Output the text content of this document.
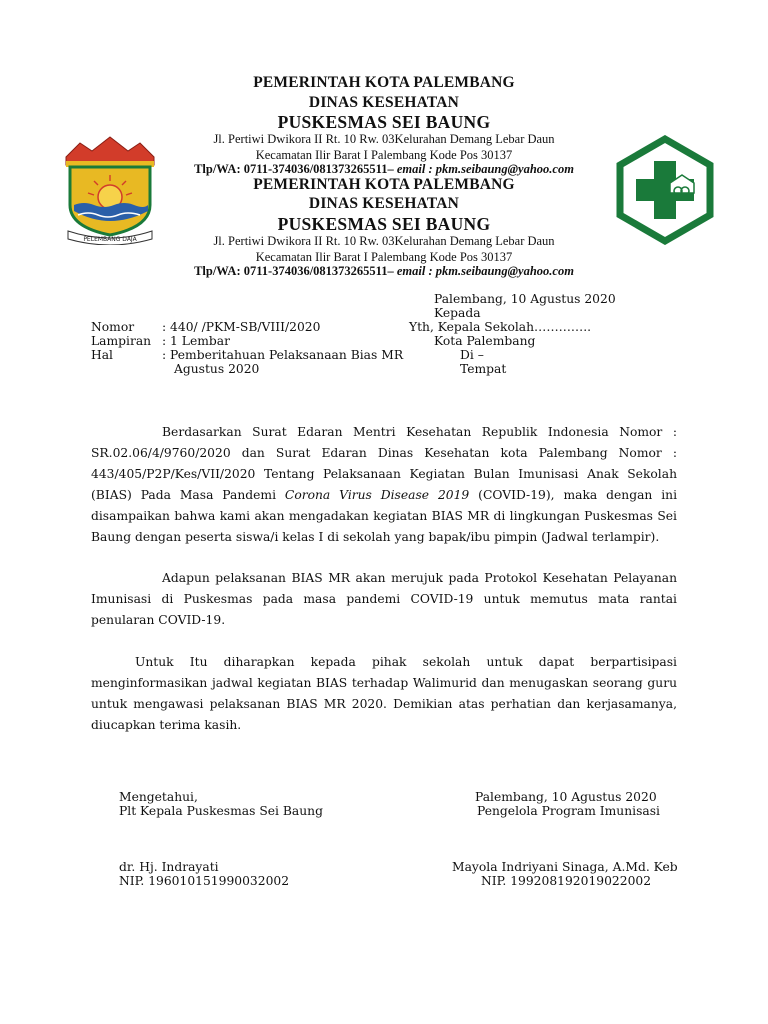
PELEMBANG DAJA
PEMERINTAH KOTA PALEMBANG
DINAS KESEHATAN
PUSKESMAS SEI BAUNG
Jl. Pertiwi Dwikora II Rt. 10 Rw. 03Kelurahan Demang Lebar Daun
Kecamatan Ilir Barat I Palembang Kode Pos 30137
Tlp/WA: 0711-374036/081373265511– email : pkm.seibaung@yahoo.com
PEMERINTAH KOTA PALEMBANG
DINAS KESEHATAN
PUSKESMAS SEI BAUNG
Jl. Pertiwi Dwikora II Rt. 10 Rw. 03Kelurahan Demang Lebar Daun
Kecamatan Ilir Barat I Palembang Kode Pos 30137
Tlp/WA: 0711-374036/081373265511– email : pkm.seibaung@yahoo.com
Palembang, 10 Agustus 2020
Kepada
Yth, Kepala Sekolah…………..
Kota Palembang
Di –
Tempat
Nomor : 440/ /PKM-SB/VIII/2020
Lampiran : 1 Lembar
Hal	: Pemberitahuan Pelaksanaan Bias MR
Agustus 2020
Berdasarkan Surat Edaran Mentri Kesehatan Republik Indonesia Nomor : SR.02.06/4/9760/2020 dan Surat Edaran Dinas Kesehatan kota Palembang Nomor : 443/405/P2P/Kes/VII/2020 Tentang Pelaksanaan Kegiatan Bulan Imunisasi Anak Sekolah (BIAS) Pada Masa Pandemi Corona Virus Disease 2019 (COVID-19), maka dengan ini disampaikan bahwa kami akan mengadakan kegiatan BIAS MR di lingkungan Puskesmas Sei Baung dengan peserta siswa/i kelas I di sekolah yang bapak/ibu pimpin (Jadwal terlampir).
Adapun pelaksanan BIAS MR akan merujuk pada Protokol Kesehatan Pelayanan Imunisasi di Puskesmas pada masa pandemi COVID-19 untuk memutus mata rantai penularan COVID-19.
Untuk Itu diharapkan kepada pihak sekolah untuk dapat berpartisipasi menginformasikan jadwal kegiatan BIAS terhadap Walimurid dan menugaskan seorang guru untuk mengawasi pelaksanan BIAS MR 2020. Demikian atas perhatian dan kerjasamanya, diucapkan terima kasih.
Mengetahui,
Plt Kepala Puskesmas Sei Baung
dr. Hj. Indrayati
NIP. 196010151990032002
Palembang, 10 Agustus 2020
Pengelola Program Imunisasi
Mayola Indriyani Sinaga, A.Md. Keb
NIP. 199208192019022002
